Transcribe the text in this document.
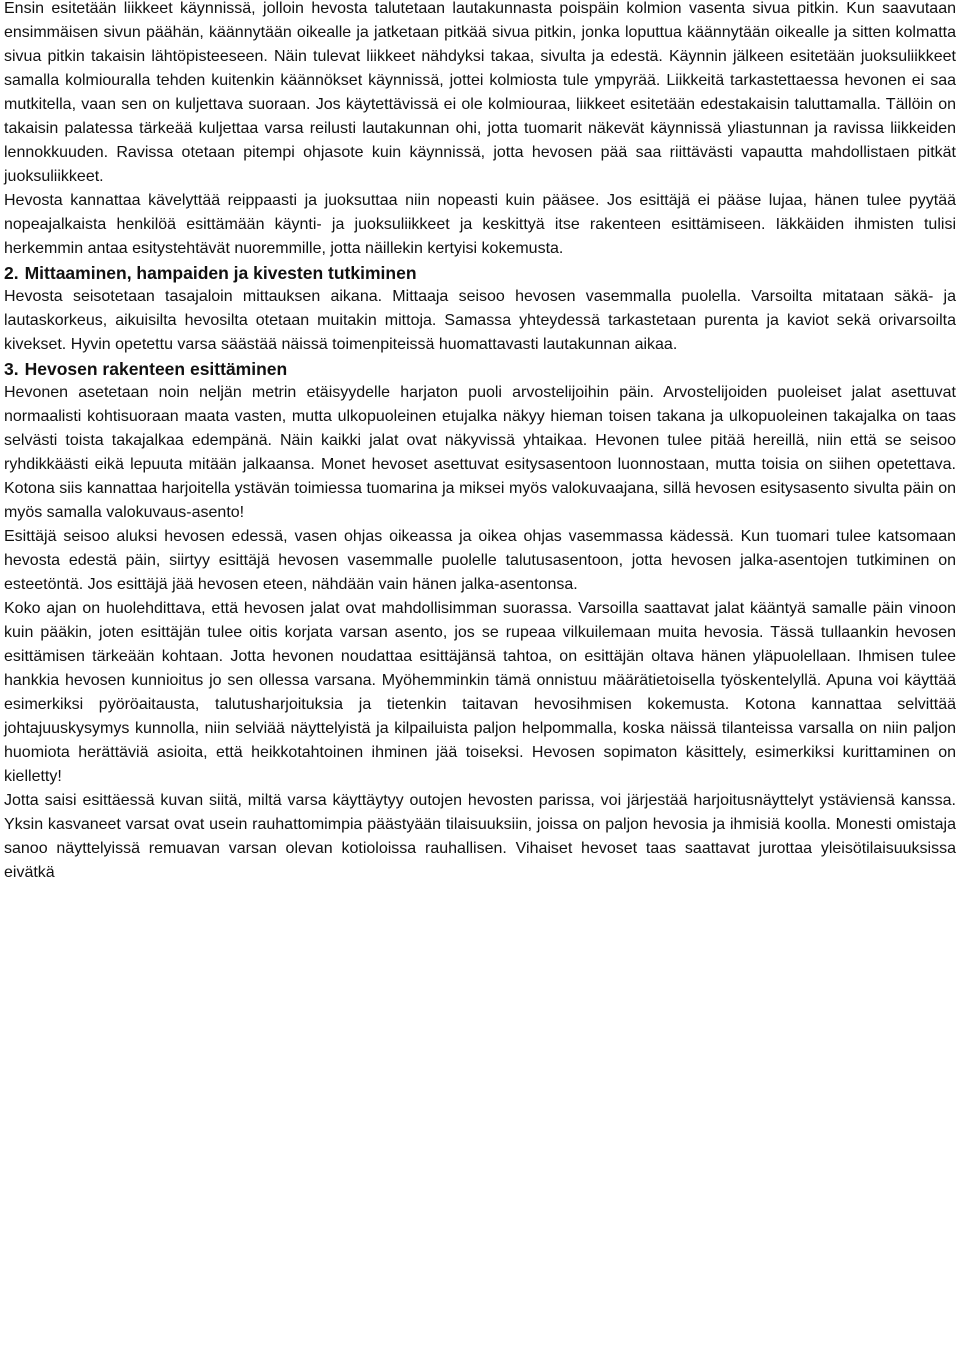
Ensin esitetään liikkeet käynnissä, jolloin hevosta talutetaan lautakunnasta poispäin kolmion vasenta sivua pitkin. Kun saavutaan ensimmäisen sivun päähän, käännytään oikealle ja jatketaan pitkää sivua pitkin, jonka loputtua käännytään oikealle ja sitten kolmatta sivua pitkin takaisin lähtöpisteeseen. Näin tulevat liikkeet nähdyksi takaa, sivulta ja edestä. Käynnin jälkeen esitetään juoksuliikkeet samalla kolmiouralla tehden kuitenkin käännökset käynnissä, jottei kolmiosta tule ympyrää. Liikkeitä tarkastettaessa hevonen ei saa mutkitella, vaan sen on kuljettava suoraan. Jos käytettävissä ei ole kolmiouraa, liikkeet esitetään edestakaisin taluttamalla. Tällöin on takaisin palatessa tärkeää kuljettaa varsa reilusti lautakunnan ohi, jotta tuomarit näkevät käynnissä yliastunnan ja ravissa liikkeiden lennokkuuden. Ravissa otetaan pitempi ohjasote kuin käynnissä, jotta hevosen pää saa riittävästi vapautta mahdollistaen pitkät juoksuliikkeet.

Hevosta kannattaa kävelyttää reippaasti ja juoksuttaa niin nopeasti kuin pääsee. Jos esittäjä ei pääse lujaa, hänen tulee pyytää nopeajalkaista henkilöä esittämään käynti- ja juoksuliikkeet ja keskittyä itse rakenteen esittämiseen. Iäkkäiden ihmisten tulisi herkemmin antaa esitystehtävät nuoremmille, jotta näillekin kertyisi kokemusta.

2. Mittaaminen, hampaiden ja kivesten tutkiminen

Hevosta seisotetaan tasajaloin mittauksen aikana. Mittaaja seisoo hevosen vasemmalla puolella. Varsoilta mitataan säkä- ja lautaskorkeus, aikuisilta hevosilta otetaan muitakin mittoja. Samassa yhteydessä tarkastetaan purenta ja kaviot sekä orivarsoilta kivekset. Hyvin opetettu varsa säästää näissä toimenpiteissä huomattavasti lautakunnan aikaa.

3. Hevosen rakenteen esittäminen

Hevonen asetetaan noin neljän metrin etäisyydelle harjaton puoli arvostelijoihin päin. Arvostelijoiden puoleiset jalat asettuvat normaalisti kohtisuoraan maata vasten, mutta ulkopuoleinen etujalka näkyy hieman toisen takana ja ulkopuoleinen takajalka on taas selvästi toista takajalkaa edempänä. Näin kaikki jalat ovat näkyvissä yhtaikaa. Hevonen tulee pitää hereillä, niin että se seisoo ryhdikkäästi eikä lepuuta mitään jalkaansa. Monet hevoset asettuvat esitysasentoon luonnostaan, mutta toisia on siihen opetettava. Kotona siis kannattaa harjoitella ystävän toimiessa tuomarina ja miksei myös valokuvaajana, sillä hevosen esitysasento sivulta päin on myös samalla valokuvaus-asento!

Esittäjä seisoo aluksi hevosen edessä, vasen ohjas oikeassa ja oikea ohjas vasemmassa kädessä. Kun tuomari tulee katsomaan hevosta edestä päin, siirtyy esittäjä hevosen vasemmalle puolelle talutusasentoon, jotta hevosen jalka-asentojen tutkiminen on esteetöntä. Jos esittäjä jää hevosen eteen, nähdään vain hänen jalka-asentonsa.

Koko ajan on huolehdittava, että hevosen jalat ovat mahdollisimman suorassa. Varsoilla saattavat jalat kääntyä samalle päin vinoon kuin pääkin, joten esittäjän tulee oitis korjata varsan asento, jos se rupeaa vilkuilemaan muita hevosia. Tässä tullaankin hevosen esittämisen tärkeään kohtaan. Jotta hevonen noudattaa esittäjänsä tahtoa, on esittäjän oltava hänen yläpuolellaan. Ihmisen tulee hankkia hevosen kunnioitus jo sen ollessa varsana. Myöhemminkin tämä onnistuu määrätietoisella työskentelyllä. Apuna voi käyttää esimerkiksi pyöröaitausta, talutusharjoituksia ja tietenkin taitavan hevosihmisen kokemusta. Kotona kannattaa selvittää johtajuuskysymys kunnolla, niin selviää näyttelyistä ja kilpailuista paljon helpommalla, koska näissä tilanteissa varsalla on niin paljon huomiota herättäviä asioita, että heikkotahtoinen ihminen jää toiseksi. Hevosen sopimaton käsittely, esimerkiksi kurittaminen on kielletty!

Jotta saisi esittäessä kuvan siitä, miltä varsa käyttäytyy outojen hevosten parissa, voi järjestää harjoitusnäyttelyt ystäviensä kanssa. Yksin kasvaneet varsat ovat usein rauhattomimpia päästyään tilaisuuksiin, joissa on paljon hevosia ja ihmisiä koolla. Monesti omistaja sanoo näyttelyissä remuavan varsan olevan kotioloissa rauhallisen. Vihaiset hevoset taas saattavat jurottaa yleisötilaisuuksissa eivätkä
